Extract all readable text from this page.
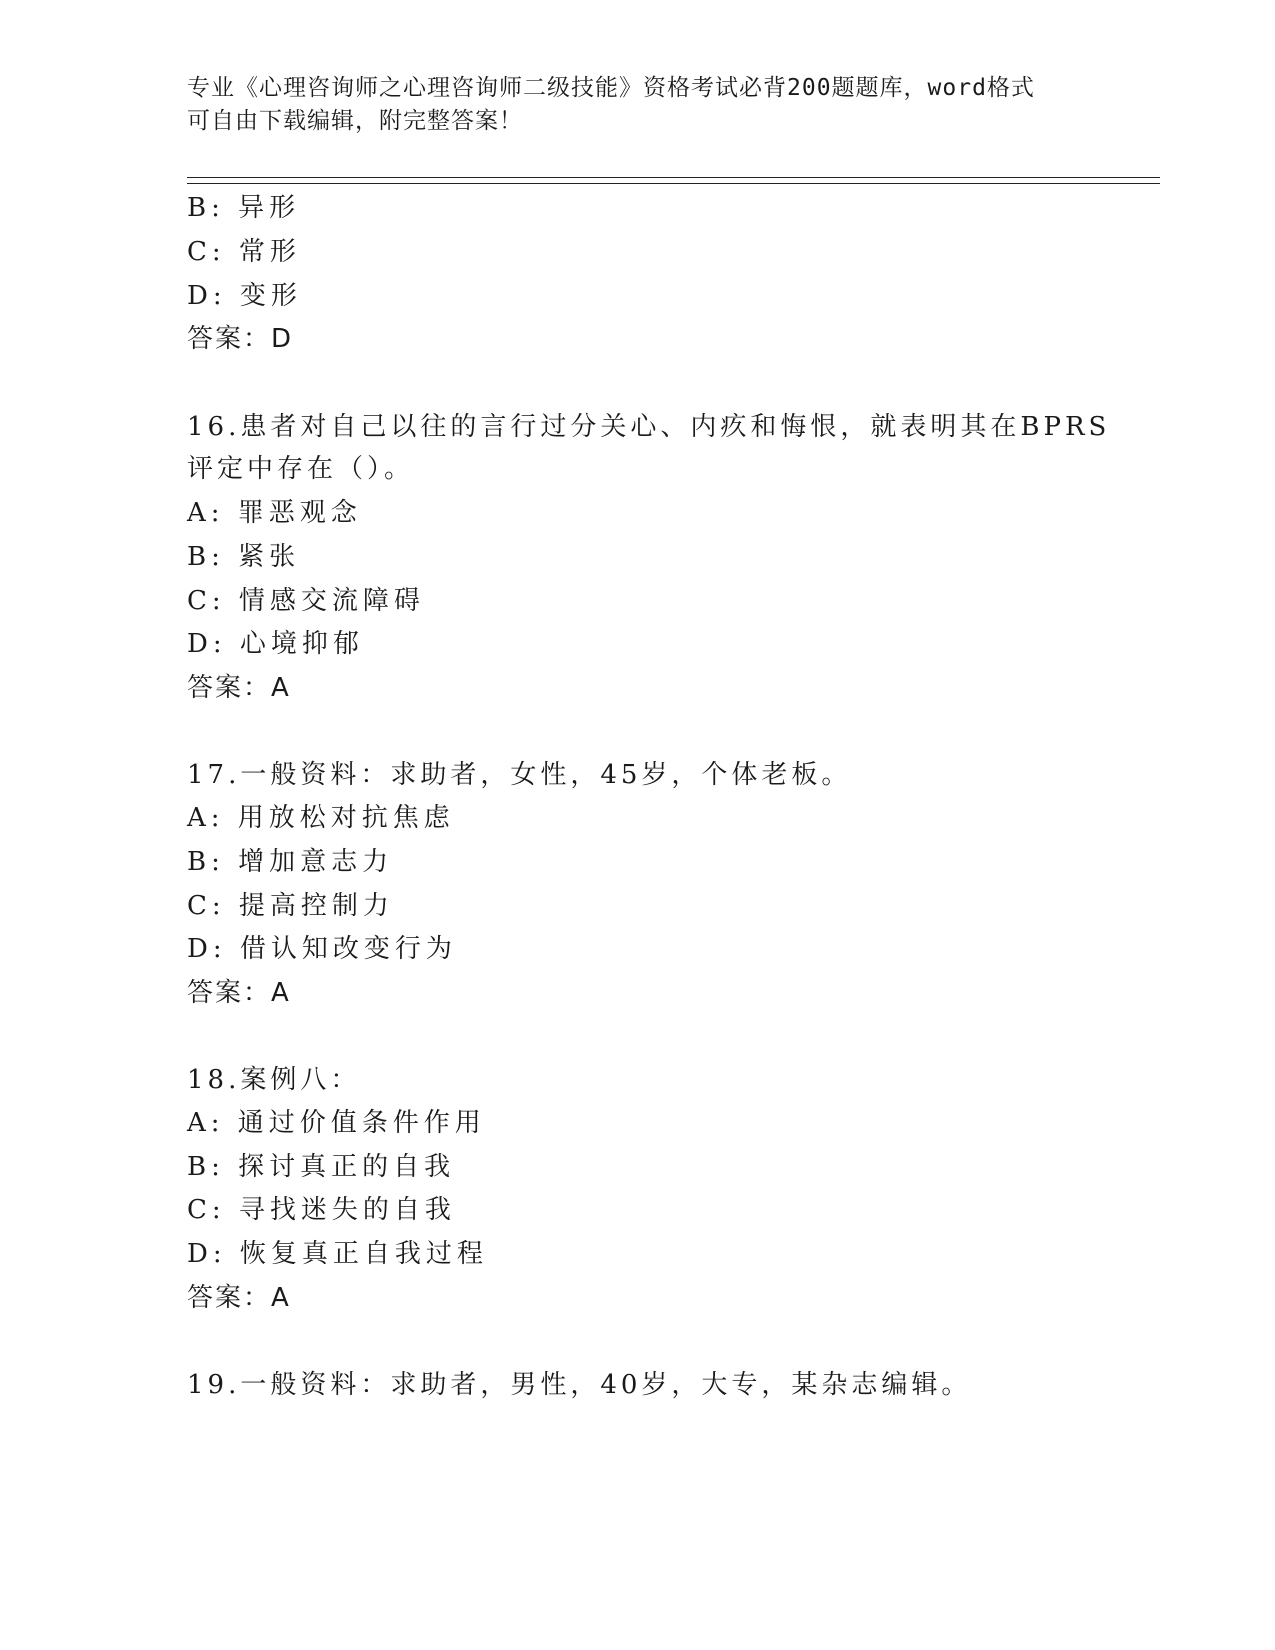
专业《心理咨询师之心理咨询师二级技能》资格考试必背200题题库，word格式
可自由下载编辑，附完整答案！
B: 异形
C: 常形
D: 变形
答案：D
16.患者对自己以往的言行过分关心、内疚和悔恨，就表明其在BPRS
评定中存在（）。
A: 罪恶观念
B: 紧张
C: 情感交流障碍
D: 心境抑郁
答案：A
17.一般资料：求助者，女性，45岁，个体老板。
A: 用放松对抗焦虑
B: 增加意志力
C: 提高控制力
D: 借认知改变行为
答案：A
18.案例八：
A: 通过价值条件作用
B: 探讨真正的自我
C: 寻找迷失的自我
D: 恢复真正自我过程
答案：A
19.一般资料：求助者，男性，40岁，大专，某杂志编辑。
